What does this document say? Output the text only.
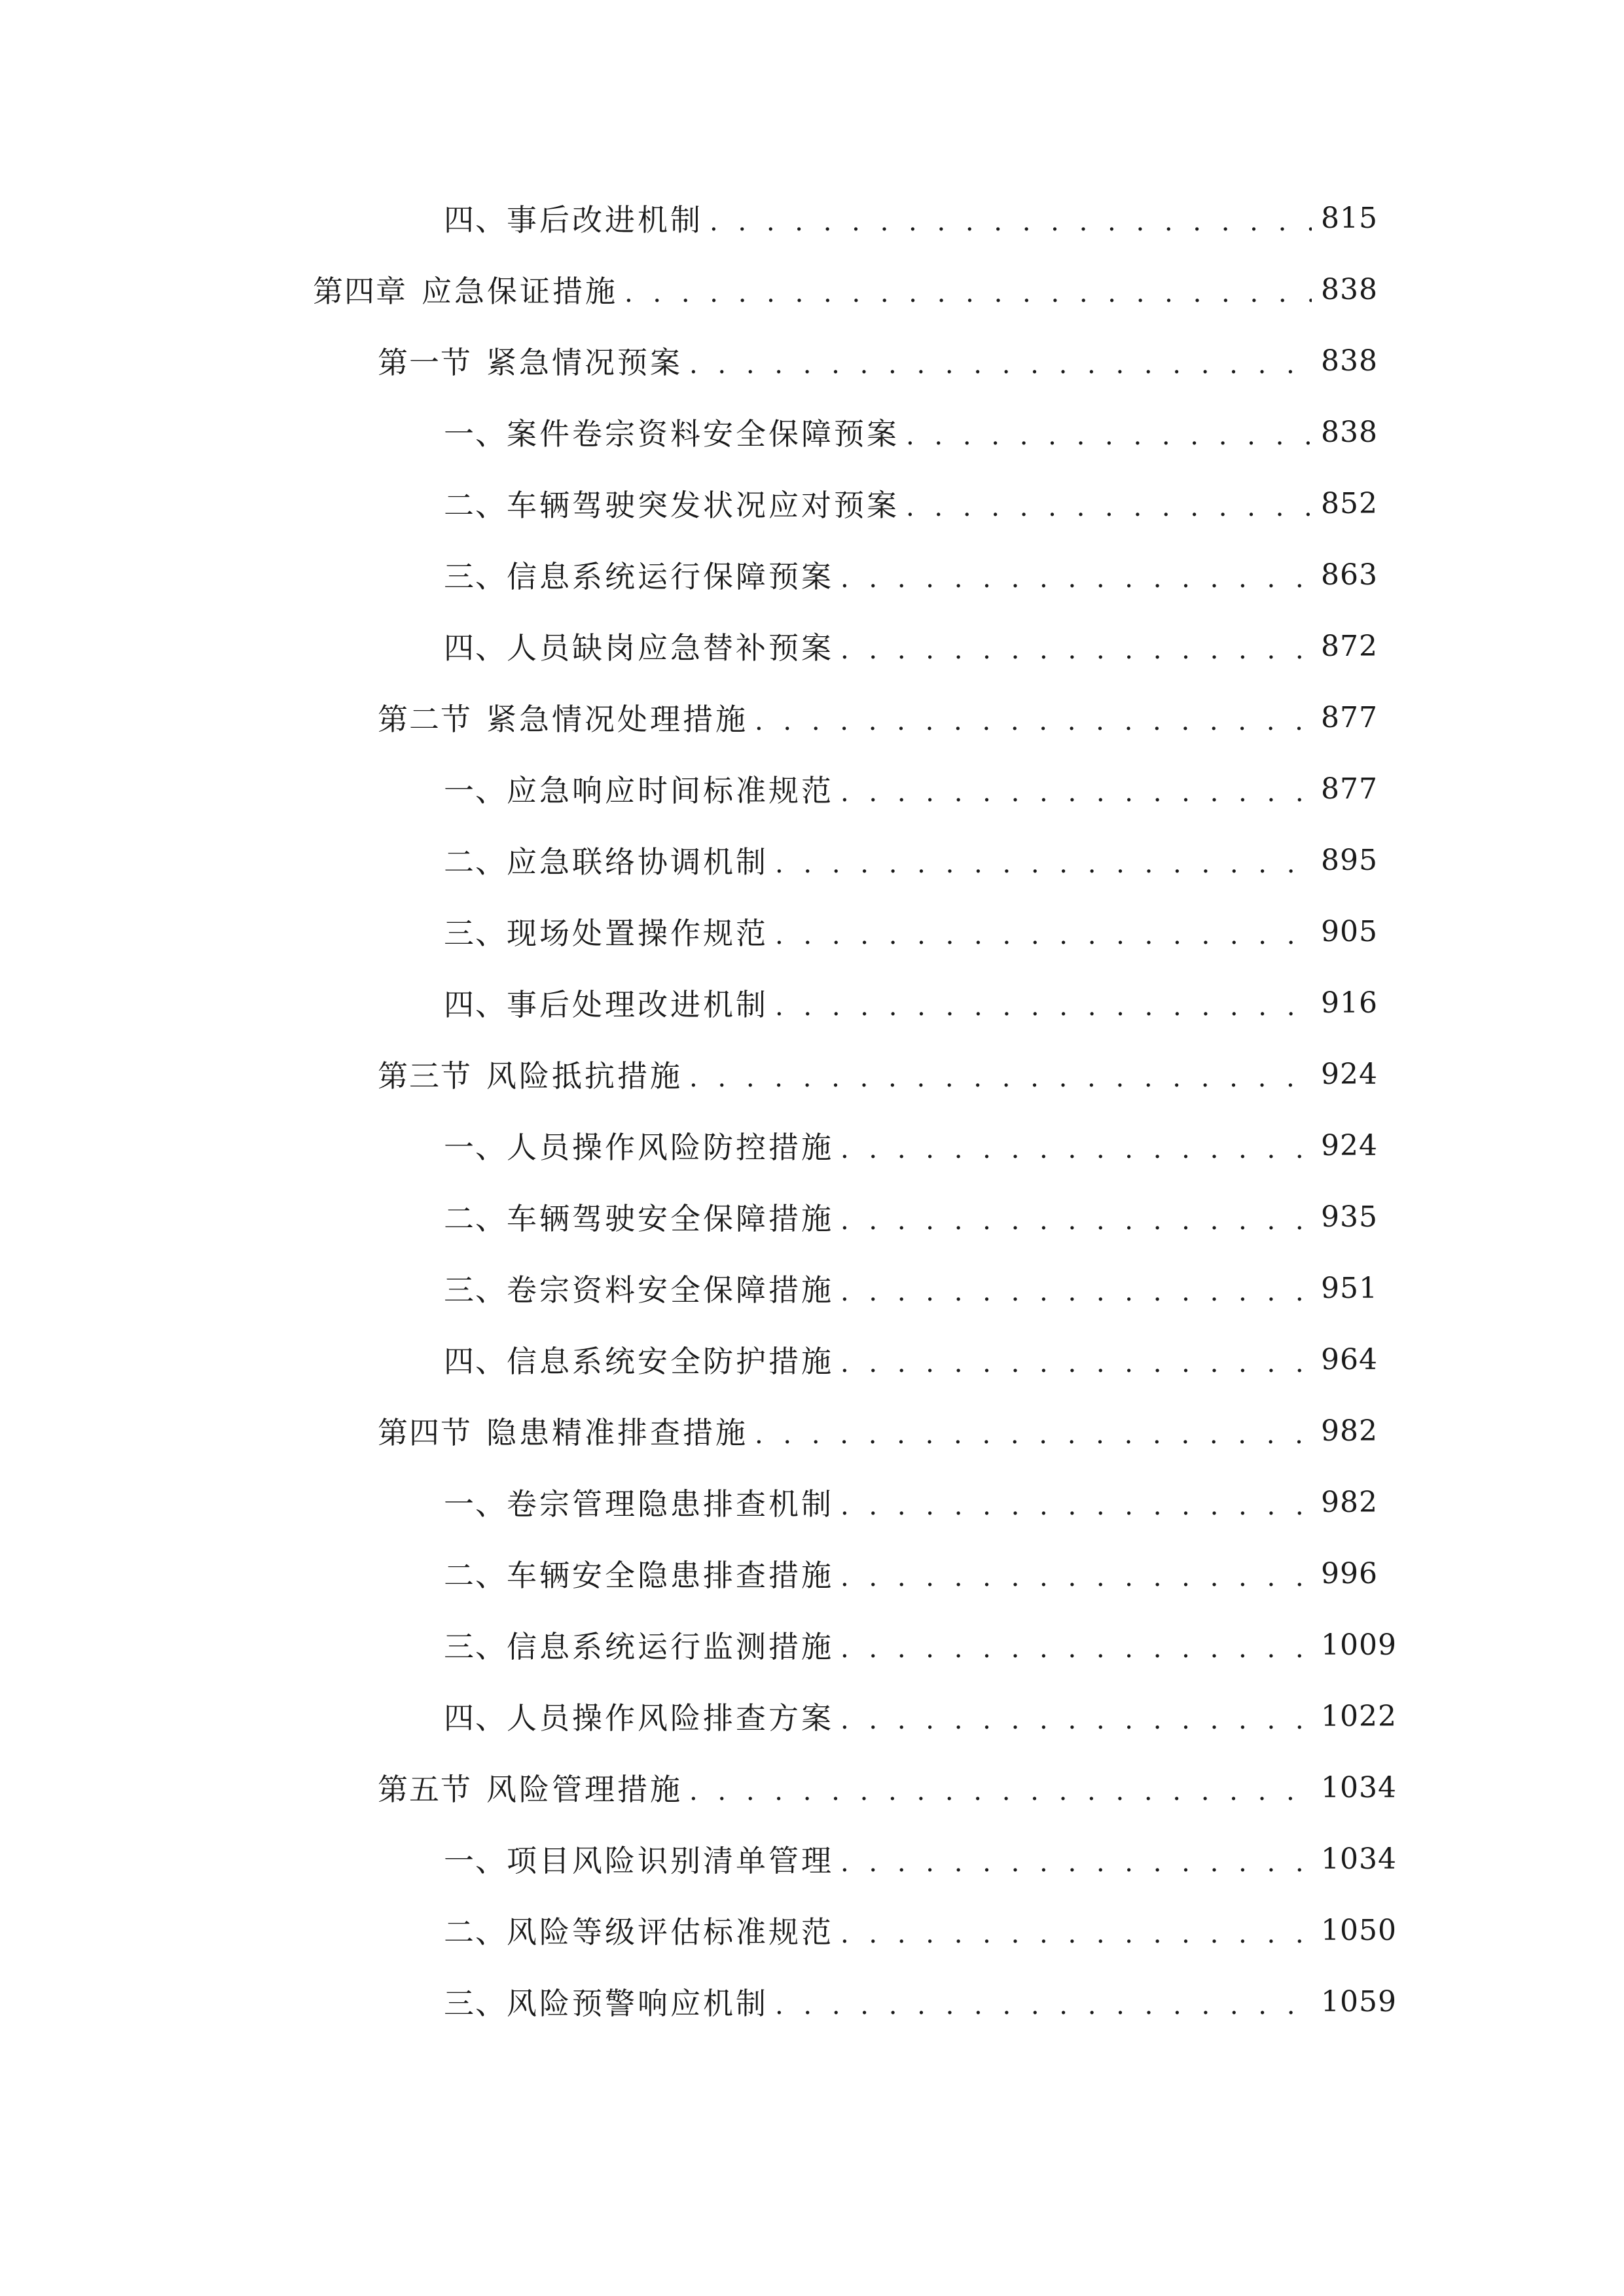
四、 事后改进机制 . . .	815
第四章 应急保证措施 . . .	838
第一节 紧急情况预案 . . .	838
一、 案件卷宗资料安全保障预案 . . .	838
二、 车辆驾驶突发状况应对预案 . . .	852
三、 信息系统运行保障预案 . . .	863
四、 人员缺岗应急替补预案 . . .	872
第二节 紧急情况处理措施 . . .	877
一、 应急响应时间标准规范 . . .	877
二、 应急联络协调机制 . . .	895
三、 现场处置操作规范 . . .	905
四、 事后处理改进机制 . . .	916
第三节 风险抵抗措施 . . .	924
一、 人员操作风险防控措施 . . .	924
二、 车辆驾驶安全保障措施 . . .	935
三、 卷宗资料安全保障措施 . . .	951
四、 信息系统安全防护措施 . . .	964
第四节 隐患精准排查措施 . . .	982
一、 卷宗管理隐患排查机制 . . .	982
二、 车辆安全隐患排查措施 . . .	996
三、 信息系统运行监测措施 . . .	1009
四、 人员操作风险排查方案 . . .	1022
第五节 风险管理措施 . . .	1034
一、 项目风险识别清单管理 . . .	1034
二、 风险等级评估标准规范 . . .	1050
三、 风险预警响应机制 . . .	1059
